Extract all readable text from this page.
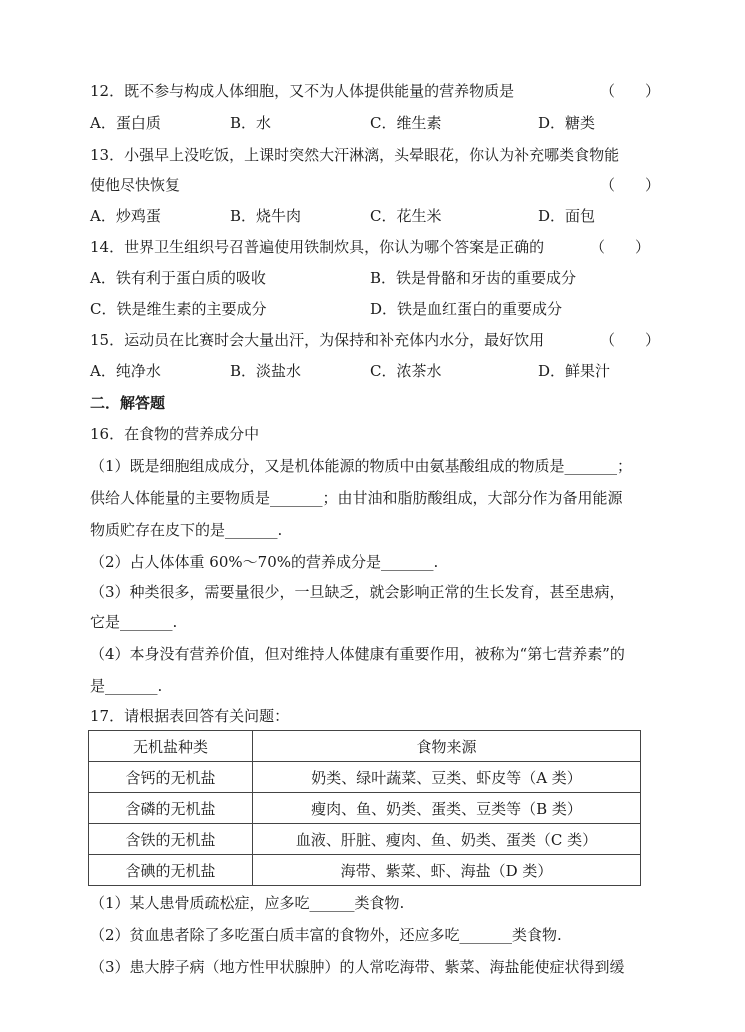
12．既不参与构成人体细胞，又不为人体提供能量的营养物质是	（　　）
A．蛋白质	B．水	C．维生素	D．糖类
13．小强早上没吃饭，上课时突然大汗淋漓，头晕眼花，你认为补充哪类食物能
使他尽快恢复	（　　）
A．炒鸡蛋	B．烧牛肉	C．花生米	D．面包
14．世界卫生组织号召普遍使用铁制炊具，你认为哪个答案是正确的	（　　）
A．铁有利于蛋白质的吸收	B．铁是骨骼和牙齿的重要成分
C．铁是维生素的主要成分	D．铁是血红蛋白的重要成分
15．运动员在比赛时会大量出汗，为保持和补充体内水分，最好饮用	（　　）
A．纯净水	B．淡盐水	C．浓茶水	D．鲜果汁
二．解答题
16．在食物的营养成分中
（1）既是细胞组成成分，又是机体能源的物质中由氨基酸组成的物质是_______；
供给人体能量的主要物质是_______；由甘油和脂肪酸组成，大部分作为备用能源
物质贮存在皮下的是_______.
（2）占人体体重 60%～70%的营养成分是_______.
（3）种类很多，需要量很少，一旦缺乏，就会影响正常的生长发育，甚至患病，
它是_______.
（4）本身没有营养价值，但对维持人体健康有重要作用，被称为“第七营养素”的
是_______.
17．请根据表回答有关问题：
无机盐种类	食物来源
含钙的无机盐	奶类、绿叶蔬菜、豆类、虾皮等（A 类）
含磷的无机盐	瘦肉、鱼、奶类、蛋类、豆类等（B 类）
含铁的无机盐	血液、肝脏、瘦肉、鱼、奶类、蛋类（C 类）
含碘的无机盐	海带、紫菜、虾、海盐（D 类）
（1）某人患骨质疏松症，应多吃______类食物.
（2）贫血患者除了多吃蛋白质丰富的食物外，还应多吃_______类食物.
（3）患大脖子病（地方性甲状腺肿）的人常吃海带、紫菜、海盐能使症状得到缓
